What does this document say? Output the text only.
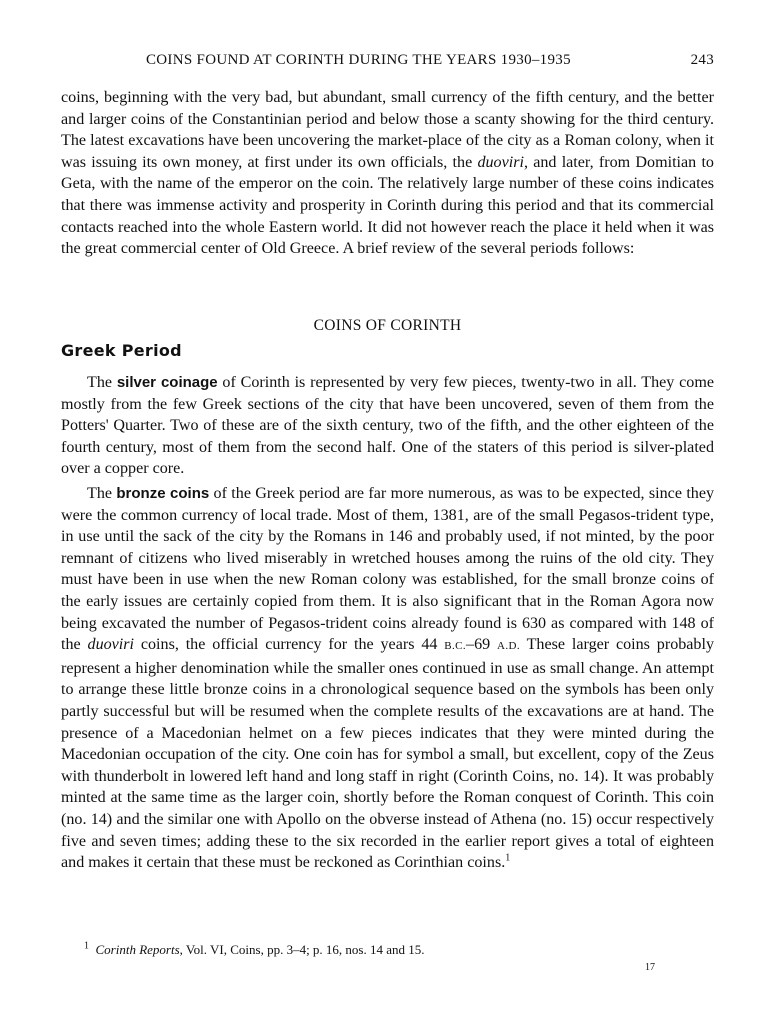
COINS FOUND AT CORINTH DURING THE YEARS 1930–1935	243

coins, beginning with the very bad, but abundant, small currency of the fifth century, and the better and larger coins of the Constantinian period and below those a scanty showing for the third century. The latest excavations have been uncovering the market-place of the city as a Roman colony, when it was issuing its own money, at first under its own officials, the duoviri, and later, from Domitian to Geta, with the name of the emperor on the coin. The relatively large number of these coins indicates that there was immense activity and prosperity in Corinth during this period and that its commercial contacts reached into the whole Eastern world. It did not however reach the place it held when it was the great commercial center of Old Greece. A brief review of the several periods follows:

COINS OF CORINTH
Greek Period

The silver coinage of Corinth is represented by very few pieces, twenty-two in all. They come mostly from the few Greek sections of the city that have been uncovered, seven of them from the Potters' Quarter. Two of these are of the sixth century, two of the fifth, and the other eighteen of the fourth century, most of them from the second half. One of the staters of this period is silver-plated over a copper core.

The bronze coins of the Greek period are far more numerous, as was to be expected, since they were the common currency of local trade. Most of them, 1381, are of the small Pegasos-trident type, in use until the sack of the city by the Romans in 146 and probably used, if not minted, by the poor remnant of citizens who lived miserably in wretched houses among the ruins of the old city. They must have been in use when the new Roman colony was established, for the small bronze coins of the early issues are certainly copied from them. It is also significant that in the Roman Agora now being excavated the number of Pegasos-trident coins already found is 630 as compared with 148 of the duoviri coins, the official currency for the years 44 B.C.–69 A.D. These larger coins probably represent a higher denomination while the smaller ones continued in use as small change. An attempt to arrange these little bronze coins in a chronological sequence based on the symbols has been only partly successful but will be resumed when the complete results of the excavations are at hand. The presence of a Macedonian helmet on a few pieces indicates that they were minted during the Macedonian occupation of the city. One coin has for symbol a small, but excellent, copy of the Zeus with thunderbolt in lowered left hand and long staff in right (Corinth Coins, no. 14). It was probably minted at the same time as the larger coin, shortly before the Roman conquest of Corinth. This coin (no. 14) and the similar one with Apollo on the obverse instead of Athena (no. 15) occur respectively five and seven times; adding these to the six recorded in the earlier report gives a total of eighteen and makes it certain that these must be reckoned as Corinthian coins.$^1$

$^1$ Corinth Reports, Vol. VI, Coins, pp. 3–4; p. 16, nos. 14 and 15.
17
